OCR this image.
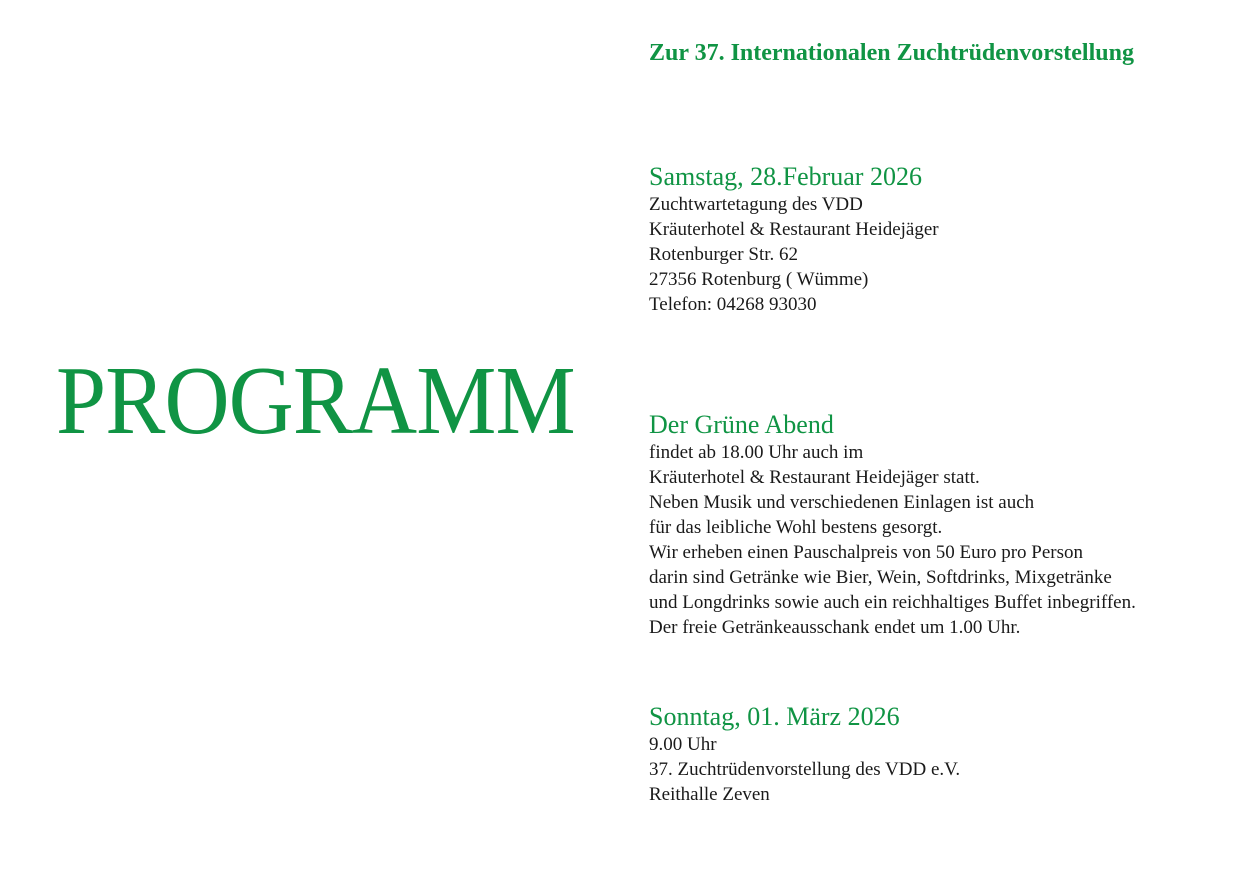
PROGRAMM
Zur 37. Internationalen Zuchtrüdenvorstellung
Samstag, 28.Februar 2026
Zuchtwartetagung des VDD
Kräuterhotel & Restaurant Heidejäger
Rotenburger Str. 62
27356 Rotenburg ( Wümme)
Telefon: 04268 93030
Der Grüne Abend
findet ab 18.00 Uhr auch im
Kräuterhotel & Restaurant Heidejäger statt.
Neben Musik und verschiedenen Einlagen ist auch
für das leibliche Wohl bestens gesorgt.
Wir erheben einen Pauschalpreis von 50 Euro pro Person
darin sind Getränke wie Bier, Wein, Softdrinks, Mixgetränke
und Longdrinks sowie auch ein reichhaltiges Buffet inbegriffen.
Der freie Getränkeausschank endet um 1.00 Uhr.
Sonntag, 01. März 2026
9.00 Uhr
37. Zuchtrüdenvorstellung des VDD e.V.
Reithalle Zeven
